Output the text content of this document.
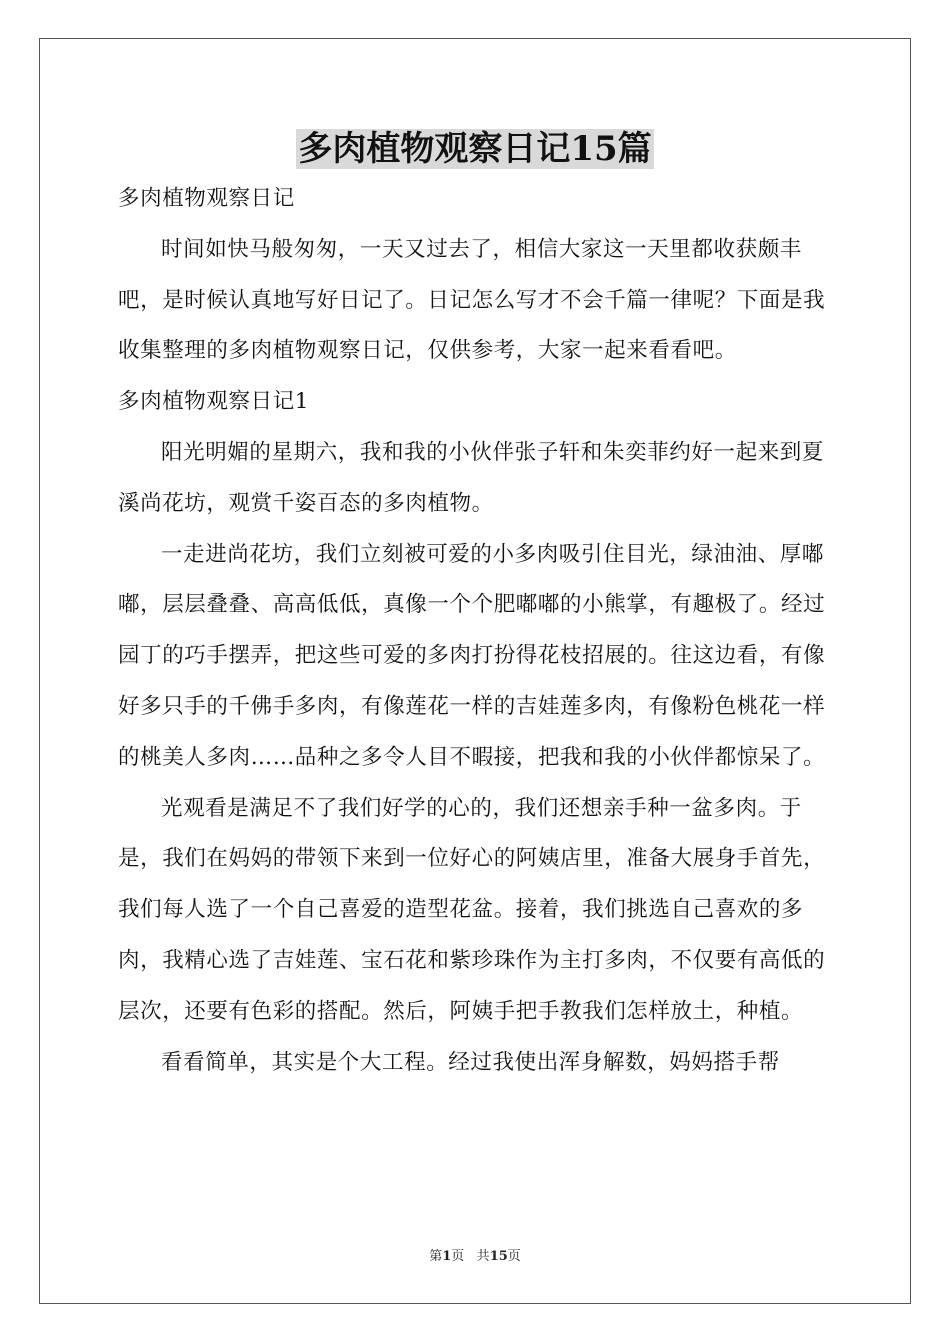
多肉植物观察日记15篇

多肉植物观察日记

时间如快马般匆匆，一天又过去了，相信大家这一天里都收获颇丰吧，是时候认真地写好日记了。日记怎么写才不会千篇一律呢？下面是我收集整理的多肉植物观察日记，仅供参考，大家一起来看看吧。

多肉植物观察日记1

阳光明媚的星期六，我和我的小伙伴张子轩和朱奕菲约好一起来到夏溪尚花坊，观赏千姿百态的多肉植物。

一走进尚花坊，我们立刻被可爱的小多肉吸引住目光，绿油油、厚嘟嘟，层层叠叠、高高低低，真像一个个肥嘟嘟的小熊掌，有趣极了。经过园丁的巧手摆弄，把这些可爱的多肉打扮得花枝招展的。往这边看，有像好多只手的千佛手多肉，有像莲花一样的吉娃莲多肉，有像粉色桃花一样的桃美人多肉……品种之多令人目不暇接，把我和我的小伙伴都惊呆了。

光观看是满足不了我们好学的心的，我们还想亲手种一盆多肉。于是，我们在妈妈的带领下来到一位好心的阿姨店里，准备大展身手首先，我们每人选了一个自己喜爱的造型花盆。接着，我们挑选自己喜欢的多肉，我精心选了吉娃莲、宝石花和紫珍珠作为主打多肉，不仅要有高低的层次，还要有色彩的搭配。然后，阿姨手把手教我们怎样放土，种植。

看看简单，其实是个大工程。经过我使出浑身解数，妈妈搭手帮

第1页 共15页
